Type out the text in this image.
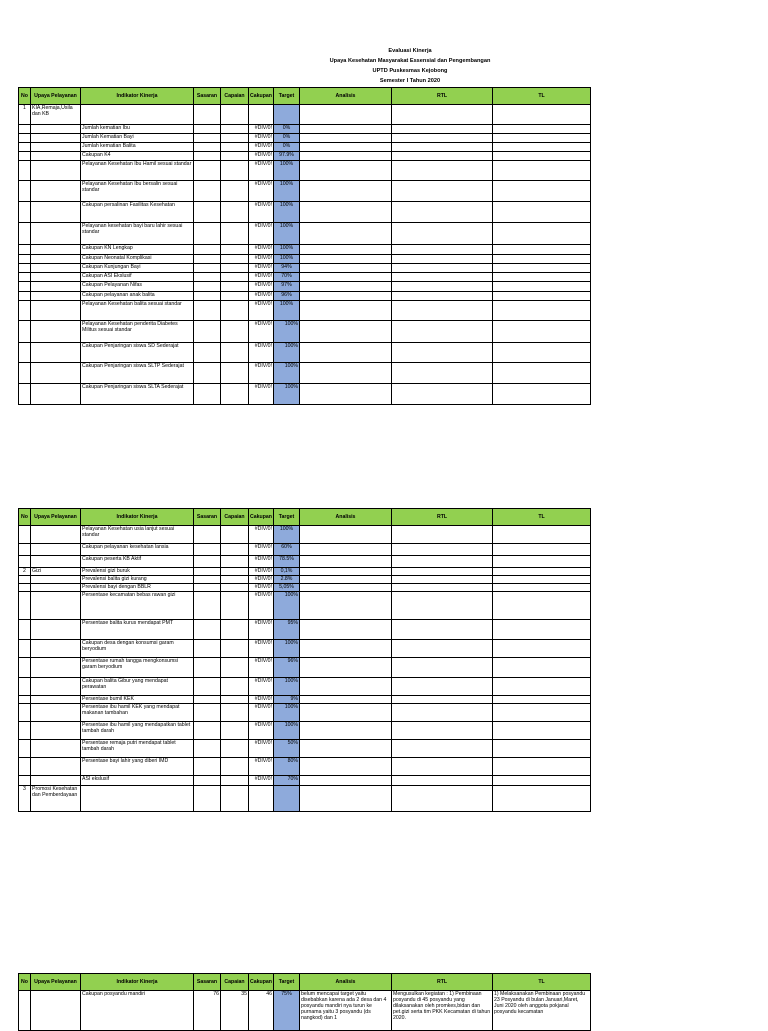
Evaluasi Kinerja
Upaya Kesehatan Masyarakat Essensial dan Pengembangan
UPTD Puskesmas Kejobong
Semester I Tahun 2020
No	Upaya Pelayanan	Indikator Kinerja	Sasaran	Capaian	Cakupan	Target	Analisis	RTL	TL
1	KIA,Remaja,Usila dan KB								
		Jumlah kematian Ibu			#DIV/0!	0%			
		Jumlah Kematian Bayi			#DIV/0!	0%			
		Jumlah kematian Balita			#DIV/0!	0%			
		Cakupan K4			#DIV/0!	97.9%			
		Pelayanan Kesehatan Ibu Hamil sesuai standar			#DIV/0!	100%			
		Pelayanan Kesehatan Ibu bersalin sesuai standar			#DIV/0!	100%			
		Cakupan persalinan Fasilitas Kesehatan			#DIV/0!	100%			
		Pelayanan kesehatan bayi baru lahir sesuai standar			#DIV/0!	100%			
		Cakupan KN Lengkap			#DIV/0!	100%			
		Cakupan Neonatal Komplikasi			#DIV/0!	100%			
		Cakupan Kunjungan Bayi			#DIV/0!	94%			
		Cakupan ASI Ekslusif			#DIV/0!	70%			
		Cakupan Pelayanan Nifas			#DIV/0!	97%			
		Cakupan pelayanan anak balita			#DIV/0!	96%			
		Pelayanan Kesehatan balita sesuai standar			#DIV/0!	100%			
		Pelayanan Kesehatan penderita Diabetes Militus sesuai standar			#DIV/0!	100%			
		Cakupan Penjaringan siswa SD Sederajat			#DIV/0!	100%			
		Cakupan Penjaringan siswa SLTP Sederajat			#DIV/0!	100%			
		Cakupan Penjaringan siswa SLTA Sederajat			#DIV/0!	100%			
No	Upaya Pelayanan	Indikator Kinerja	Sasaran	Capaian	Cakupan	Target	Analisis	RTL	TL
		Pelayanan Kesehatan usia lanjut sesuai standar			#DIV/0!	100%			
		Cakupan pelayanan kesehatan lansia			#DIV/0!	60%			
		Cakupan peserta KB Aktif			#DIV/0!	78.5%			
2	Gizi	Prevalensi gizi buruk			#DIV/0!	0,1%			
		Prevalensi balita gizi kurang			#DIV/0!	2.8%			
		Prevalensi bayi dengan BBLR			#DIV/0!	5,05%			
		Persentase kecamatan bebas rawan gizi			#DIV/0!	100%			
		Persentase balita kurus mendapat PMT			#DIV/0!	95%			
		Cakupan desa dengan konsumsi garam beryodium			#DIV/0!	100%			
		Persentase rumah tangga mengkonsumsi garam beryodium			#DIV/0!	96%			
		Cakupan balita Gibur yang mendapat perawatan			#DIV/0!	100%			
		Persentase bumil KEK			#DIV/0!	9%			
		Persentase ibu hamil KEK yang mendapat makanan tambahan			#DIV/0!	100%			
		Persentase ibu hamil yang mendapatkan tablet tambah darah			#DIV/0!	100%			
		Persentase remaja putri mendapat tablet tambah darah			#DIV/0!	50%			
		Persentase bayi lahir yang diberi IMD			#DIV/0!	80%			
		ASI ekslusif			#DIV/0!	70%			
3	Promosi Kesehatan dan Pemberdayaan								
No	Upaya Pelayanan	Indikator Kinerja	Sasaran	Capaian	Cakupan	Target	Analisis	RTL	TL
		Cakupan posyandu mandiri	76	35	46	75%	belum mencapai target yaitu disebabkan karena ada 2 desa dan 4 posyandu mandiri nya turun ke purnama yaitu 3 posyandu (ds nangkod) dan 1	Mengusulkan kegiatan : 1) Pembinaan posyandu di 45 posyandu yang dilaksanakan oleh promkes,bidan dan pet.gizi serta tim PKK Kecamatan di tahun 2020.	1) Melaksanakan Pembinaan posyandu 23 Posyandu di bulan Januari,Maret, Juni 2020 oleh anggota pokjanal posyandu kecamatan
